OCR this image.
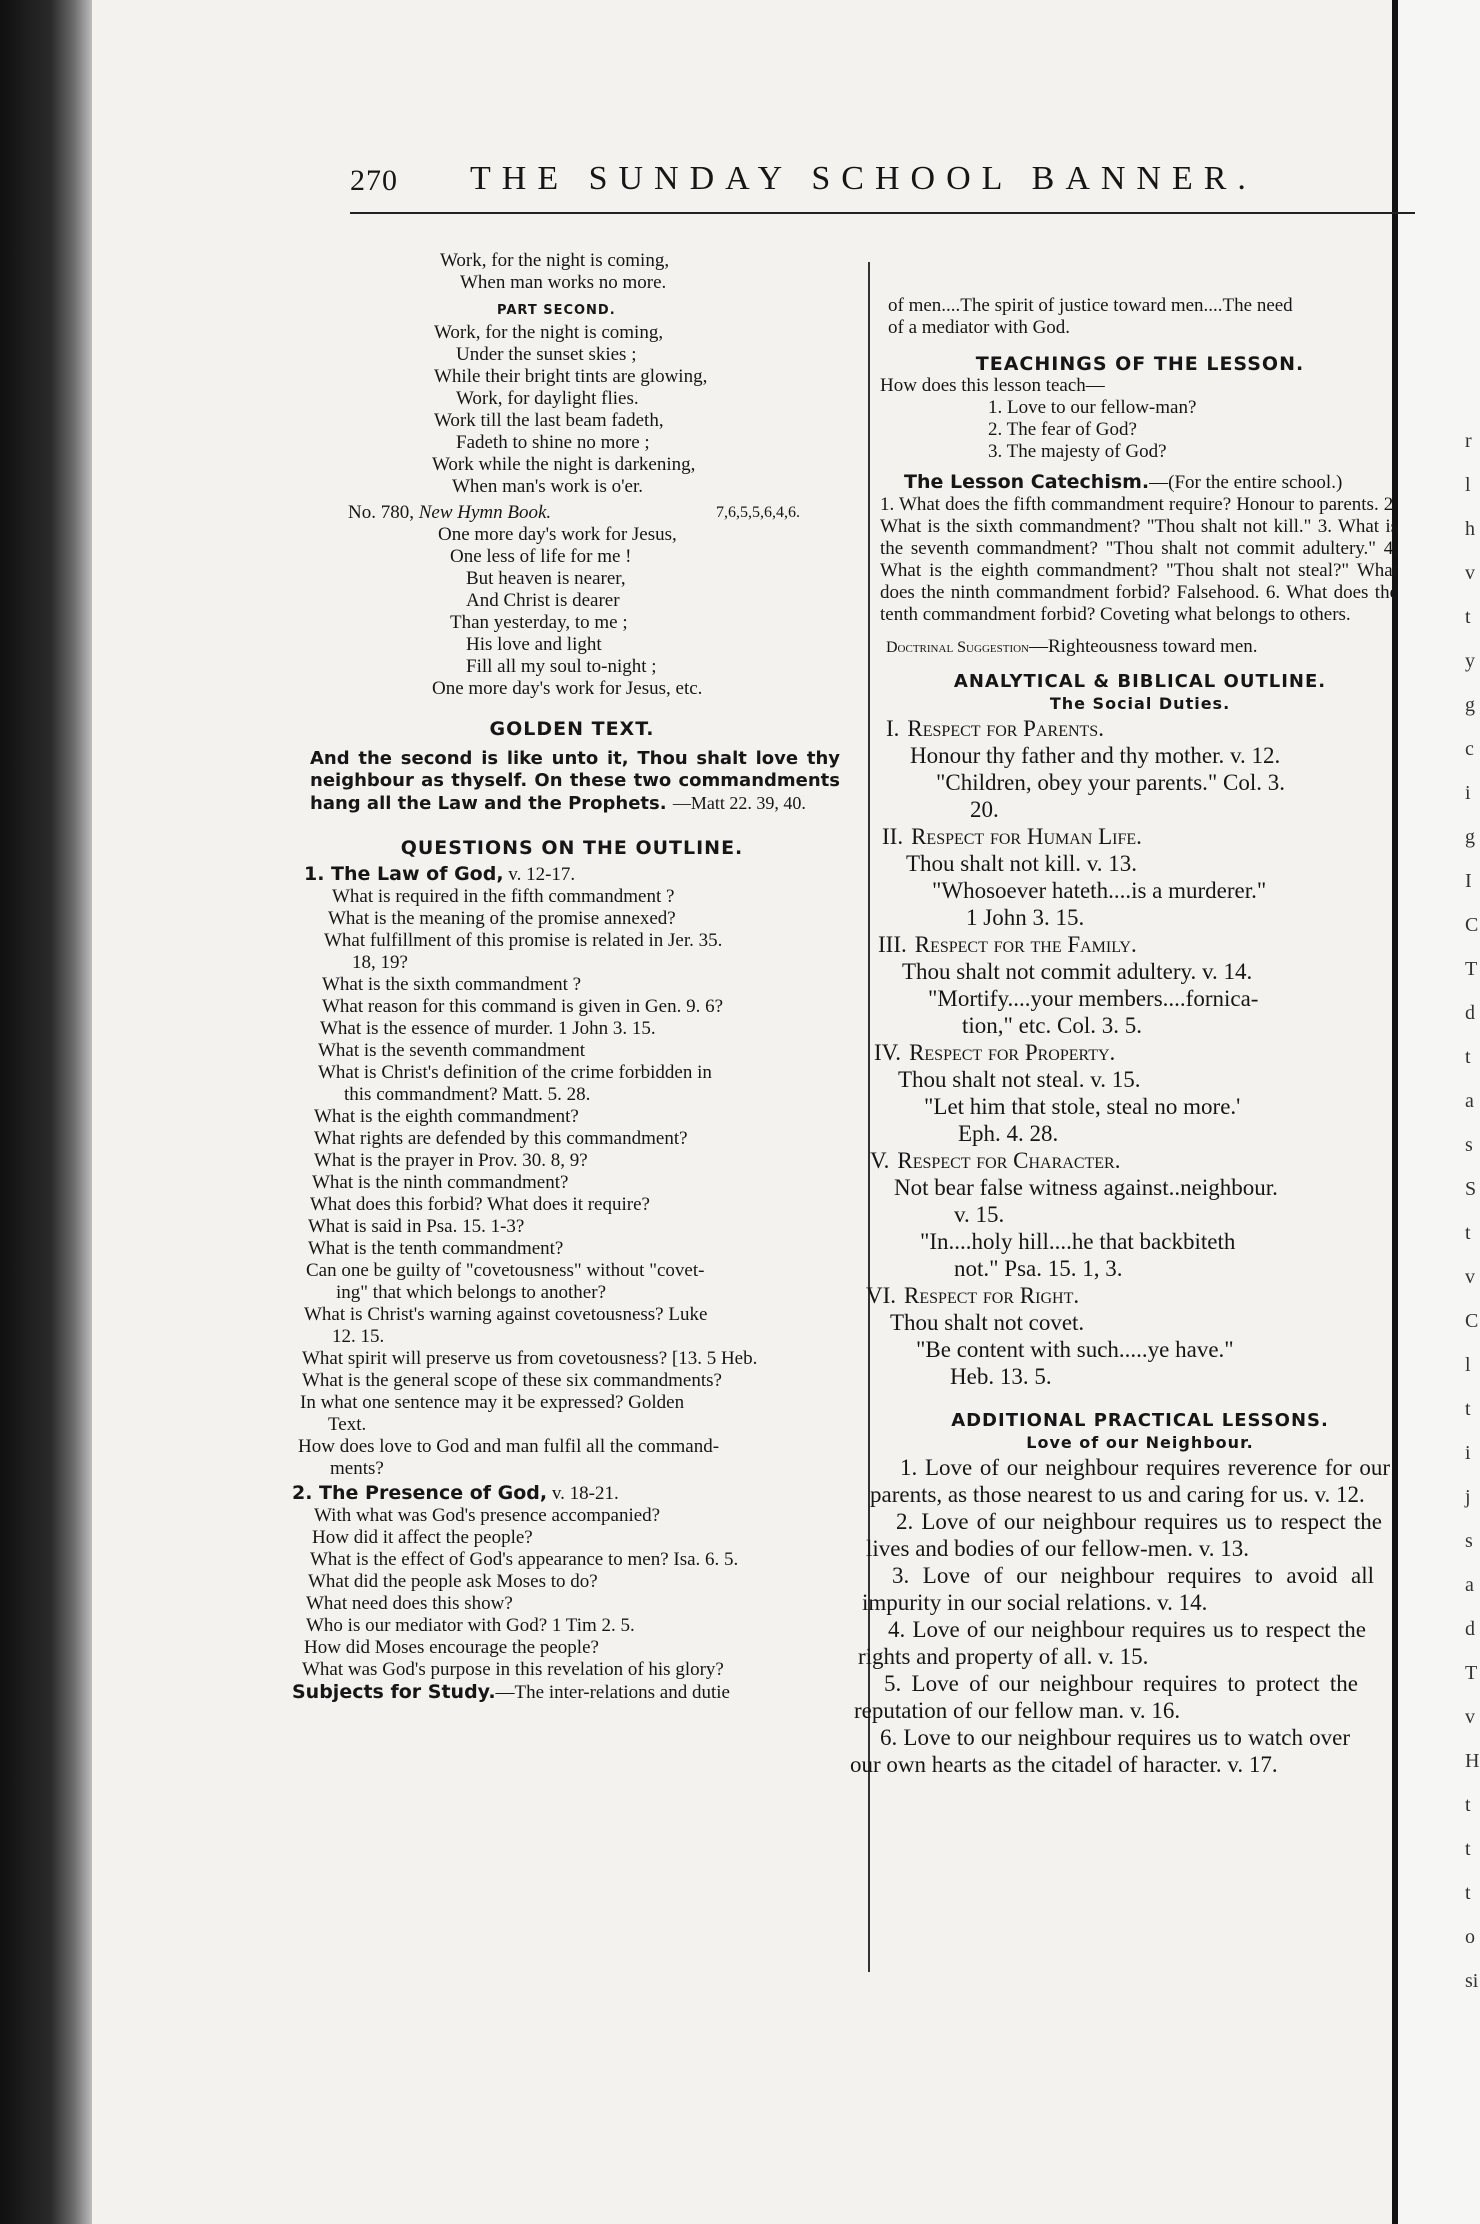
270 THE SUNDAY SCHOOL BANNER.
Work, for the night is coming,
When man works no more.
PART SECOND.
Work, for the night is coming,
Under the sunset skies ;
While their bright tints are glowing,
Work, for daylight flies.
Work till the last beam fadeth,
Fadeth to shine no more ;
Work while the night is darkening,
When man's work is o'er.
No. 780, New Hymn Book.	7,6,5,5,6,4,6.
One more day's work for Jesus,
One less of life for me !
But heaven is nearer,
And Christ is dearer
Than yesterday, to me ;
His love and light
Fill all my soul to-night ;
One more day's work for Jesus, etc.
GOLDEN TEXT.
And the second is like unto it, Thou shalt love thy neighbour as thyself. On these two commandments hang all the Law and the Prophets. —Matt 22. 39, 40.
QUESTIONS ON THE OUTLINE.
1. The Law of God, v. 12-17.
What is required in the fifth commandment ?
What is the meaning of the promise annexed?
What fulfillment of this promise is related in Jer. 35.
18, 19?
What is the sixth commandment ?
What reason for this command is given in Gen. 9. 6?
What is the essence of murder. 1 John 3. 15.
What is the seventh commandment
What is Christ's definition of the crime forbidden in
this commandment? Matt. 5. 28.
What is the eighth commandment?
What rights are defended by this commandment?
What is the prayer in Prov. 30. 8, 9?
What is the ninth commandment?
What does this forbid? What does it require?
What is said in Psa. 15. 1-3?
What is the tenth commandment?
Can one be guilty of "covetousness" without "covet-
ing" that which belongs to another?
What is Christ's warning against covetousness? Luke
12. 15.
What spirit will preserve us from covetousness? [13. 5 Heb.
What is the general scope of these six commandments?
In what one sentence may it be expressed? Golden
Text.
How does love to God and man fulfil all the command-
ments?
2. The Presence of God, v. 18-21.
With what was God's presence accompanied?
How did it affect the people?
What is the effect of God's appearance to men? Isa. 6. 5.
What did the people ask Moses to do?
What need does this show?
Who is our mediator with God? 1 Tim 2. 5.
How did Moses encourage the people?
What was God's purpose in this revelation of his glory?
Subjects for Study.—The inter-relations and dutie
of men....The spirit of justice toward men....The need
of a mediator with God.
TEACHINGS OF THE LESSON.
How does this lesson teach—
1. Love to our fellow-man?
2. The fear of God?
3. The majesty of God?
The Lesson Catechism.—(For the entire school.)
1. What does the fifth commandment require? Honour to parents. 2. What is the sixth commandment? "Thou shalt not kill." 3. What is the seventh commandment? "Thou shalt not commit adultery." 4. What is the eighth commandment? "Thou shalt not steal?" What does the ninth commandment forbid? Falsehood. 6. What does the tenth commandment forbid? Coveting what belongs to others.
Doctrinal Suggestion—Righteousness toward men.
ANALYTICAL & BIBLICAL OUTLINE.
The Social Duties.
I. Respect for Parents.
Honour thy father and thy mother. v. 12.
"Children, obey your parents." Col. 3.
20.
II. Respect for Human Life.
Thou shalt not kill. v. 13.
"Whosoever hateth....is a murderer."
1 John 3. 15.
III. Respect for the Family.
Thou shalt not commit adultery. v. 14.
"Mortify....your members....fornica-
tion," etc. Col. 3. 5.
IV. Respect for Property.
Thou shalt not steal. v. 15.
"Let him that stole, steal no more.'
Eph. 4. 28.
V. Respect for Character.
Not bear false witness against..neighbour.
v. 15.
"In....holy hill....he that backbiteth
not." Psa. 15. 1, 3.
VI. Respect for Right.
Thou shalt not covet.
"Be content with such.....ye have."
Heb. 13. 5.
ADDITIONAL PRACTICAL LESSONS.
Love of our Neighbour.
1. Love of our neighbour requires reverence for our parents, as those nearest to us and caring for us. v. 12.
2. Love of our neighbour requires us to respect the lives and bodies of our fellow-men. v. 13.
3. Love of our neighbour requires to avoid all impurity in our social relations. v. 14.
4. Love of our neighbour requires us to respect the rights and property of all. v. 15.
5. Love of our neighbour requires to protect the reputation of our fellow man. v. 16.
6. Love to our neighbour requires us to watch over our own hearts as the citadel of haracter. v. 17.
r
l
h
v
t
y
g
c
i
g
I
C
T
d
t
a
s
S
t
v
C
l
t
i
j
s
a
d
T
v
H
t
t
t
o
si
